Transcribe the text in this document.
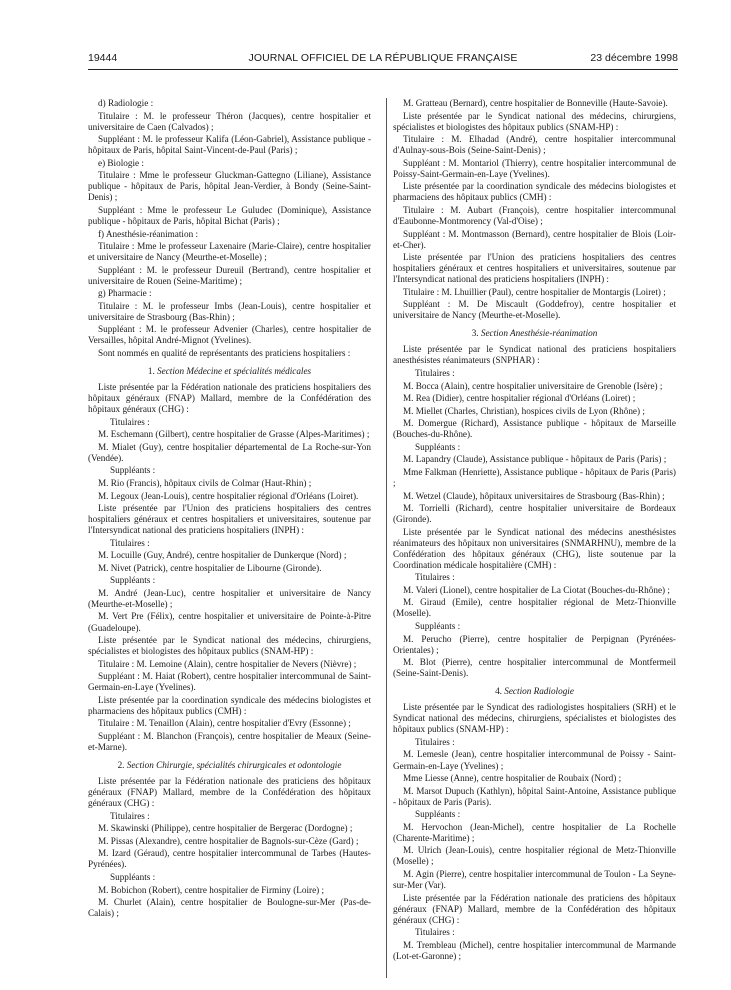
19444	JOURNAL OFFICIEL DE LA RÉPUBLIQUE FRANÇAISE	23 décembre 1998

d) Radiologie :

Titulaire : M. le professeur Théron (Jacques), centre hospitalier et universitaire de Caen (Calvados) ;

Suppléant : M. le professeur Kalifa (Léon-Gabriel), Assistance publique - hôpitaux de Paris, hôpital Saint-Vincent-de-Paul (Paris) ;

e) Biologie :

Titulaire : Mme le professeur Gluckman-Gattegno (Liliane), Assistance publique - hôpitaux de Paris, hôpital Jean-Verdier, à Bondy (Seine-Saint-Denis) ;

Suppléant : Mme le professeur Le Guludec (Dominique), Assistance publique - hôpitaux de Paris, hôpital Bichat (Paris) ;

f) Anesthésie-réanimation :

Titulaire : Mme le professeur Laxenaire (Marie-Claire), centre hospitalier et universitaire de Nancy (Meurthe-et-Moselle) ;

Suppléant : M. le professeur Dureuil (Bertrand), centre hospitalier et universitaire de Rouen (Seine-Maritime) ;

g) Pharmacie :

Titulaire : M. le professeur Imbs (Jean-Louis), centre hospitalier et universitaire de Strasbourg (Bas-Rhin) ;

Suppléant : M. le professeur Advenier (Charles), centre hospitalier de Versailles, hôpital André-Mignot (Yvelines).

Sont nommés en qualité de représentants des praticiens hospitaliers :

1. Section Médecine et spécialités médicales

Liste présentée par la Fédération nationale des praticiens hospitaliers des hôpitaux généraux (FNAP) Mallard, membre de la Confédération des hôpitaux généraux (CHG) :

Titulaires :

M. Eschemann (Gilbert), centre hospitalier de Grasse (Alpes-Maritimes) ;

M. Mialet (Guy), centre hospitalier départemental de La Roche-sur-Yon (Vendée).

Suppléants :

M. Rio (Francis), hôpitaux civils de Colmar (Haut-Rhin) ;

M. Legoux (Jean-Louis), centre hospitalier régional d'Orléans (Loiret).

Liste présentée par l'Union des praticiens hospitaliers des centres hospitaliers généraux et centres hospitaliers et universitaires, soutenue par l'Intersyndicat national des praticiens hospitaliers (INPH) :

Titulaires :

M. Locuille (Guy, André), centre hospitalier de Dunkerque (Nord) ;

M. Nivet (Patrick), centre hospitalier de Libourne (Gironde).

Suppléants :

M. André (Jean-Luc), centre hospitalier et universitaire de Nancy (Meurthe-et-Moselle) ;

M. Vert Pre (Félix), centre hospitalier et universitaire de Pointe-à-Pitre (Guadeloupe).

Liste présentée par le Syndicat national des médecins, chirurgiens, spécialistes et biologistes des hôpitaux publics (SNAM-HP) :

Titulaire : M. Lemoine (Alain), centre hospitalier de Nevers (Nièvre) ;

Suppléant : M. Haiat (Robert), centre hospitalier intercommunal de Saint-Germain-en-Laye (Yvelines).

Liste présentée par la coordination syndicale des médecins biologistes et pharmaciens des hôpitaux publics (CMH) :

Titulaire : M. Tenaillon (Alain), centre hospitalier d'Evry (Essonne) ;

Suppléant : M. Blanchon (François), centre hospitalier de Meaux (Seine-et-Marne).

2. Section Chirurgie, spécialités chirurgicales et odontologie

Liste présentée par la Fédération nationale des praticiens des hôpitaux généraux (FNAP) Mallard, membre de la Confédération des hôpitaux généraux (CHG) :

Titulaires :

M. Skawinski (Philippe), centre hospitalier de Bergerac (Dordogne) ;

M. Pissas (Alexandre), centre hospitalier de Bagnols-sur-Cèze (Gard) ;

M. Izard (Géraud), centre hospitalier intercommunal de Tarbes (Hautes-Pyrénées).

Suppléants :

M. Bobichon (Robert), centre hospitalier de Firminy (Loire) ;

M. Churlet (Alain), centre hospitalier de Boulogne-sur-Mer (Pas-de-Calais) ;

M. Gratteau (Bernard), centre hospitalier de Bonneville (Haute-Savoie).

Liste présentée par le Syndicat national des médecins, chirurgiens, spécialistes et biologistes des hôpitaux publics (SNAM-HP) :

Titulaire : M. Elhadad (André), centre hospitalier intercommunal d'Aulnay-sous-Bois (Seine-Saint-Denis) ;

Suppléant : M. Montariol (Thierry), centre hospitalier intercommunal de Poissy-Saint-Germain-en-Laye (Yvelines).

Liste présentée par la coordination syndicale des médecins biologistes et pharmaciens des hôpitaux publics (CMH) :

Titulaire : M. Aubart (François), centre hospitalier intercommunal d'Eaubonne-Montmorency (Val-d'Oise) ;

Suppléant : M. Montmasson (Bernard), centre hospitalier de Blois (Loir-et-Cher).

Liste présentée par l'Union des praticiens hospitaliers des centres hospitaliers généraux et centres hospitaliers et universitaires, soutenue par l'Intersyndicat national des praticiens hospitaliers (INPH) :

Titulaire : M. Lhuillier (Paul), centre hospitalier de Montargis (Loiret) ;

Suppléant : M. De Miscault (Goddefroy), centre hospitalier et universitaire de Nancy (Meurthe-et-Moselle).

3. Section Anesthésie-réanimation

Liste présentée par le Syndicat national des praticiens hospitaliers anesthésistes réanimateurs (SNPHAR) :

Titulaires :

M. Bocca (Alain), centre hospitalier universitaire de Grenoble (Isère) ;

M. Rea (Didier), centre hospitalier régional d'Orléans (Loiret) ;

M. Miellet (Charles, Christian), hospices civils de Lyon (Rhône) ;

M. Domergue (Richard), Assistance publique - hôpitaux de Marseille (Bouches-du-Rhône).

Suppléants :

M. Lapandry (Claude), Assistance publique - hôpitaux de Paris (Paris) ;

Mme Falkman (Henriette), Assistance publique - hôpitaux de Paris (Paris) ;

M. Wetzel (Claude), hôpitaux universitaires de Strasbourg (Bas-Rhin) ;

M. Torrielli (Richard), centre hospitalier universitaire de Bordeaux (Gironde).

Liste présentée par le Syndicat national des médecins anesthésistes réanimateurs des hôpitaux non universitaires (SNMARHNU), membre de la Confédération des hôpitaux généraux (CHG), liste soutenue par la Coordination médicale hospitalière (CMH) :

Titulaires :

M. Valeri (Lionel), centre hospitalier de La Ciotat (Bouches-du-Rhône) ;

M. Giraud (Emile), centre hospitalier régional de Metz-Thionville (Moselle).

Suppléants :

M. Perucho (Pierre), centre hospitalier de Perpignan (Pyrénées-Orientales) ;

M. Blot (Pierre), centre hospitalier intercommunal de Montfermeil (Seine-Saint-Denis).

4. Section Radiologie

Liste présentée par le Syndicat des radiologistes hospitaliers (SRH) et le Syndicat national des médecins, chirurgiens, spécialistes et biologistes des hôpitaux publics (SNAM-HP) :

Titulaires :

M. Lemesle (Jean), centre hospitalier intercommunal de Poissy - Saint-Germain-en-Laye (Yvelines) ;

Mme Liesse (Anne), centre hospitalier de Roubaix (Nord) ;

M. Marsot Dupuch (Kathlyn), hôpital Saint-Antoine, Assistance publique - hôpitaux de Paris (Paris).

Suppléants :

M. Hervochon (Jean-Michel), centre hospitalier de La Rochelle (Charente-Maritime) ;

M. Ulrich (Jean-Louis), centre hospitalier régional de Metz-Thionville (Moselle) ;

M. Agin (Pierre), centre hospitalier intercommunal de Toulon - La Seyne-sur-Mer (Var).

Liste présentée par la Fédération nationale des praticiens des hôpitaux généraux (FNAP) Mallard, membre de la Confédération des hôpitaux généraux (CHG) :

Titulaires :

M. Trembleau (Michel), centre hospitalier intercommunal de Marmande (Lot-et-Garonne) ;
